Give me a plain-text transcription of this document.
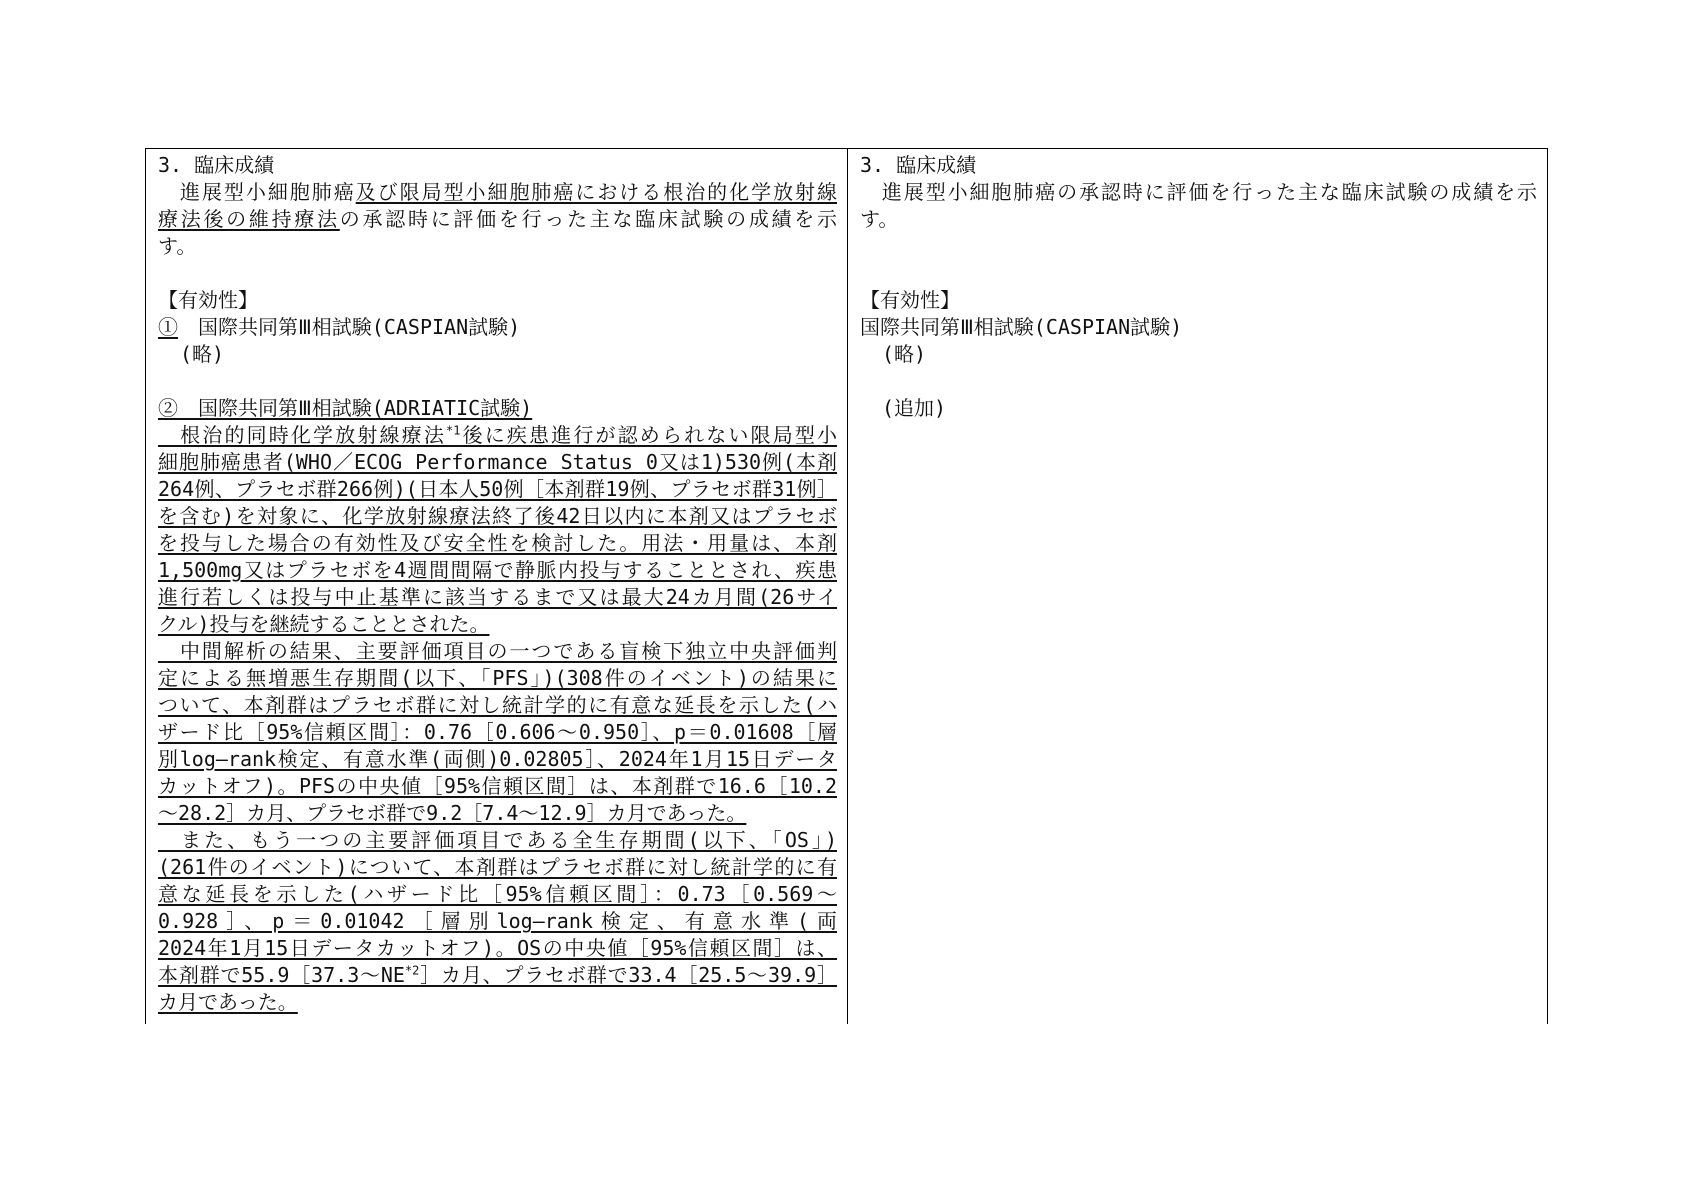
3. 臨床成績
　進展型小細胞肺癌及び限局型小細胞肺癌における根治的化学放射線
療法後の維持療法の承認時に評価を行った主な臨床試験の成績を示
す。
【有効性】
①　国際共同第Ⅲ相試験(CASPIAN試験)
(略)
②　国際共同第Ⅲ相試験(ADRIATIC試験)
　根治的同時化学放射線療法$^{*1}$後に疾患進行が認められない限局型小
細胞肺癌患者(WHO／ECOG Performance Status 0又は1)530例(本剤
264例、プラセボ群266例)(日本人50例［本剤群19例、プラセボ群31例］
を含む)を対象に、化学放射線療法終了後42日以内に本剤又はプラセボ
を投与した場合の有効性及び安全性を検討した。用法・用量は、本剤
1,500mg又はプラセボを4週間間隔で静脈内投与することとされ、疾患
進行若しくは投与中止基準に該当するまで又は最大24カ月間(26サイ
クル)投与を継続することとされた。
　中間解析の結果、主要評価項目の一つである盲検下独立中央評価判
定による無増悪生存期間(以下、「PFS」)(308件のイベント)の結果に
ついて、本剤群はプラセボ群に対し統計学的に有意な延長を示した(ハ
ザード比［95%信頼区間］：0.76［0.606～0.950］、p＝0.01608［層
別log―rank検定、有意水準(両側)0.02805］、2024年1月15日データ
カットオフ)。PFSの中央値［95%信頼区間］は、本剤群で16.6［10.2
～28.2］カ月、プラセボ群で9.2［7.4～12.9］カ月であった。
　また、もう一つの主要評価項目である全生存期間(以下、「OS」)
(261件のイベント)について、本剤群はプラセボ群に対し統計学的に有
意な延長を示した(ハザード比［95%信頼区間］：0.73［0.569～
0.928］、p＝0.01042［層別log―rank検定、有意水準(両
2024年1月15日データカットオフ)。OSの中央値［95%信頼区間］は、
本剤群で55.9［37.3～NE$^{*2}$］カ月、プラセボ群で33.4［25.5～39.9］
カ月であった。
3. 臨床成績
　進展型小細胞肺癌の承認時に評価を行った主な臨床試験の成績を示
す。
【有効性】
国際共同第Ⅲ相試験(CASPIAN試験)
(略)
(追加)
